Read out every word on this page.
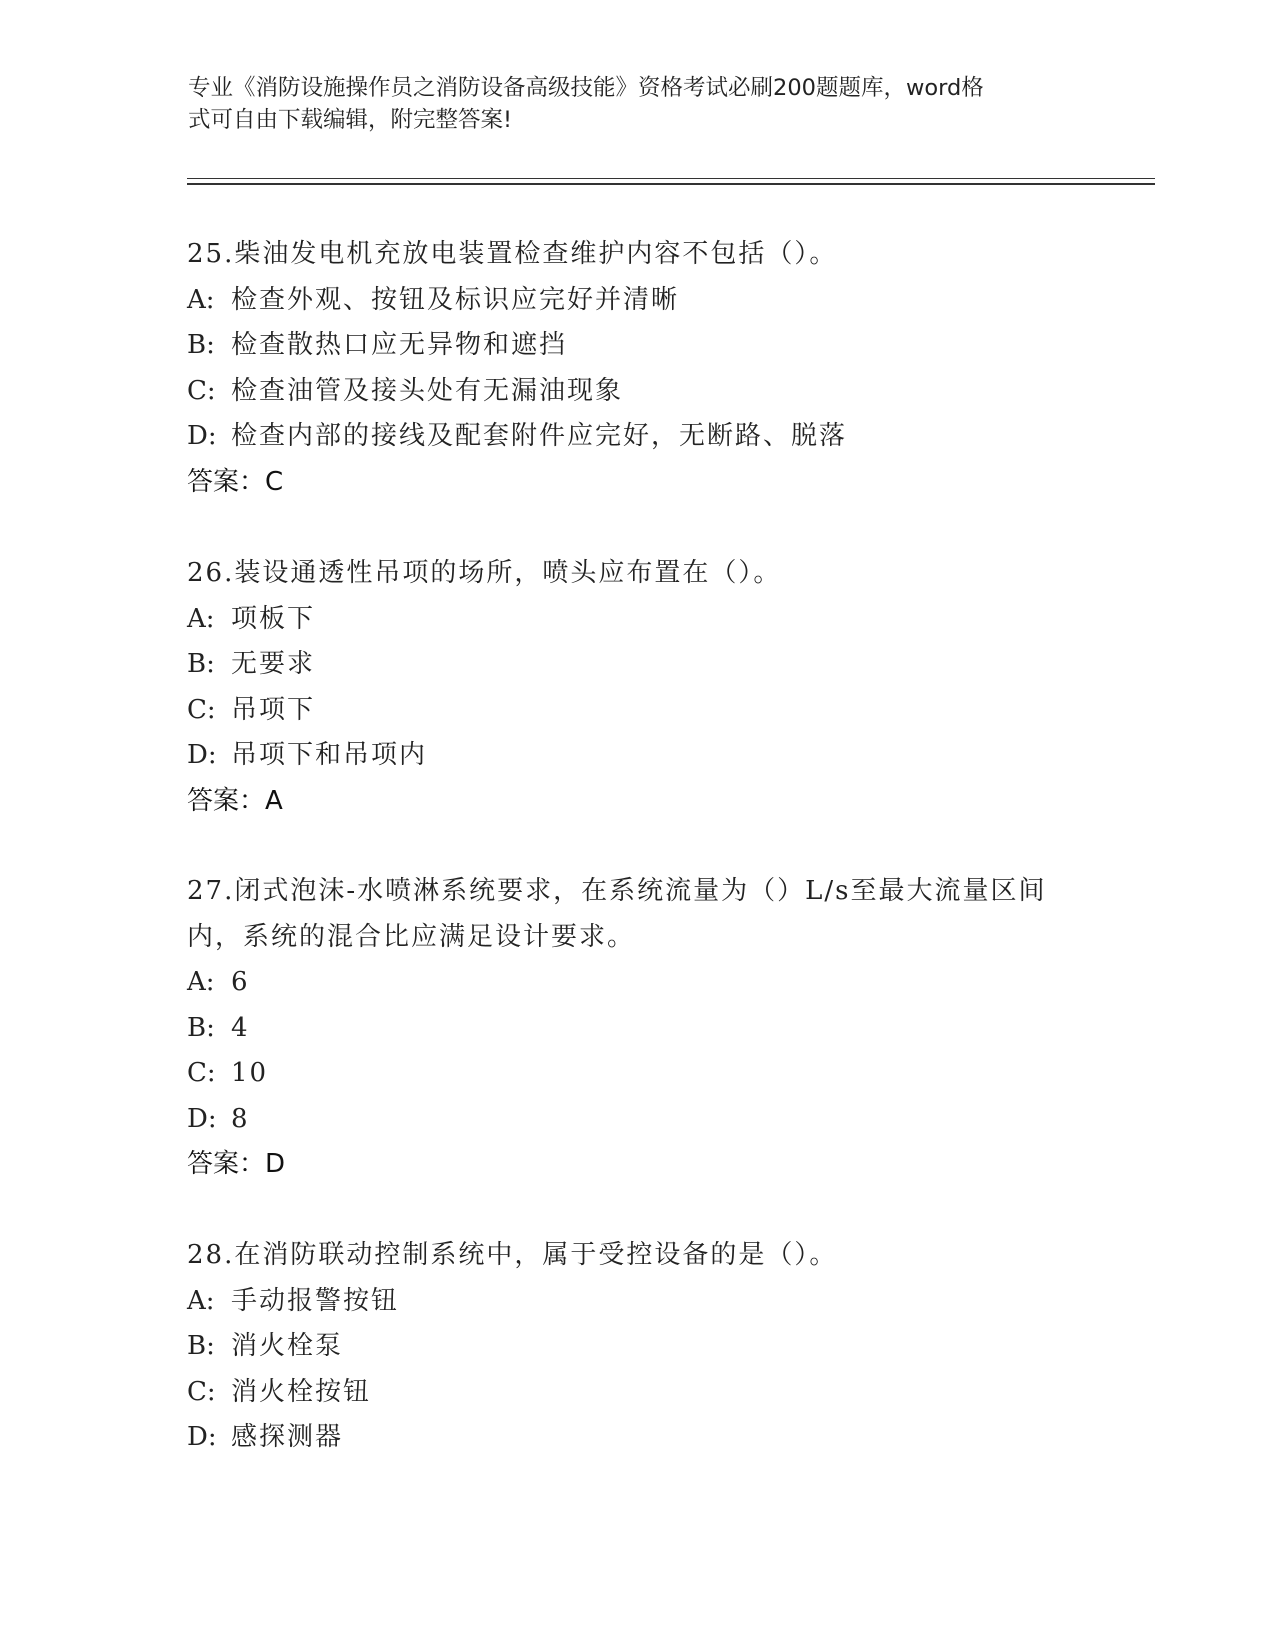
专业《消防设施操作员之消防设备高级技能》资格考试必刷200题题库，word格
式可自由下载编辑，附完整答案!
25.柴油发电机充放电装置检查维护内容不包括（）。
A: 检查外观、按钮及标识应完好并清晰
B: 检查散热口应无异物和遮挡
C: 检查油管及接头处有无漏油现象
D: 检查内部的接线及配套附件应完好，无断路、脱落
答案：C
26.装设通透性吊项的场所，喷头应布置在（）。
A: 项板下
B: 无要求
C: 吊项下
D: 吊项下和吊项内
答案：A
27.闭式泡沫-水喷淋系统要求，在系统流量为（）L/s至最大流量区间
内，系统的混合比应满足设计要求。
A: 6
B: 4
C: 10
D: 8
答案：D
28.在消防联动控制系统中，属于受控设备的是（）。
A: 手动报警按钮
B: 消火栓泵
C: 消火栓按钮
D: 感探测器
